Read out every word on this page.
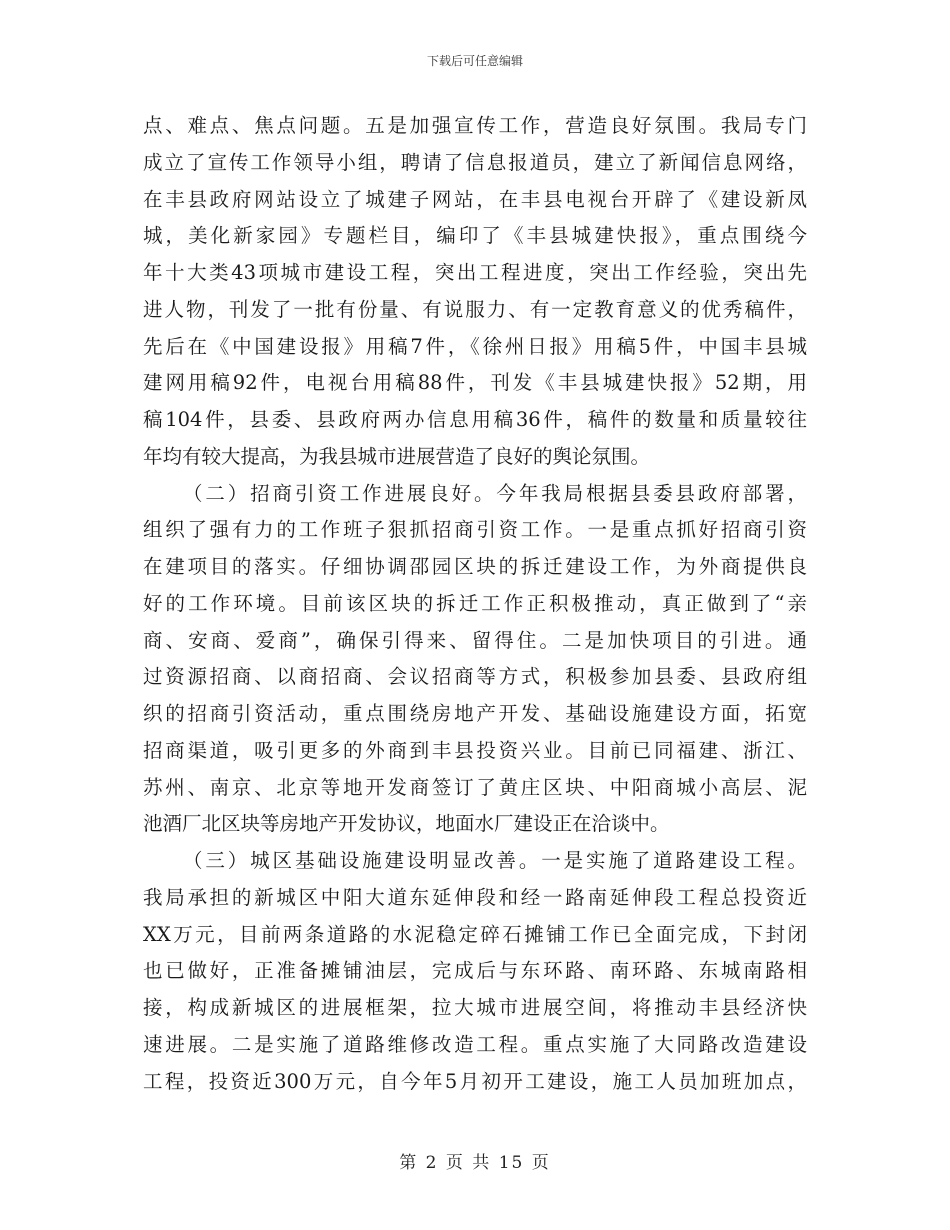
下载后可任意编辑
点、难点、焦点问题。五是加强宣传工作，营造良好氛围。我局专门
成立了宣传工作领导小组，聘请了信息报道员，建立了新闻信息网络，
在丰县政府网站设立了城建子网站，在丰县电视台开辟了《建设新凤
城，美化新家园》专题栏目，编印了《丰县城建快报》，重点围绕今
年十大类43项城市建设工程，突出工程进度，突出工作经验，突出先
进人物，刊发了一批有份量、有说服力、有一定教育意义的优秀稿件，
先后在《中国建设报》用稿7件，《徐州日报》用稿5件，中国丰县城
建网用稿92件，电视台用稿88件，刊发《丰县城建快报》52期，用
稿104件，县委、县政府两办信息用稿36件，稿件的数量和质量较往
年均有较大提高，为我县城市进展营造了良好的舆论氛围。
（二）招商引资工作进展良好。今年我局根据县委县政府部署，
组织了强有力的工作班子狠抓招商引资工作。一是重点抓好招商引资
在建项目的落实。仔细协调邵园区块的拆迁建设工作，为外商提供良
好的工作环境。目前该区块的拆迁工作正积极推动，真正做到了“亲
商、安商、爱商”，确保引得来、留得住。二是加快项目的引进。通
过资源招商、以商招商、会议招商等方式，积极参加县委、县政府组
织的招商引资活动，重点围绕房地产开发、基础设施建设方面，拓宽
招商渠道，吸引更多的外商到丰县投资兴业。目前已同福建、浙江、
苏州、南京、北京等地开发商签订了黄庄区块、中阳商城小高层、泥
池酒厂北区块等房地产开发协议，地面水厂建设正在洽谈中。
（三）城区基础设施建设明显改善。一是实施了道路建设工程。
我局承担的新城区中阳大道东延伸段和经一路南延伸段工程总投资近
XX万元，目前两条道路的水泥稳定碎石摊铺工作已全面完成，下封闭
也已做好，正准备摊铺油层，完成后与东环路、南环路、东城南路相
接，构成新城区的进展框架，拉大城市进展空间，将推动丰县经济快
速进展。二是实施了道路维修改造工程。重点实施了大同路改造建设
工程，投资近300万元，自今年5月初开工建设，施工人员加班加点，
第 2 页 共 15 页
